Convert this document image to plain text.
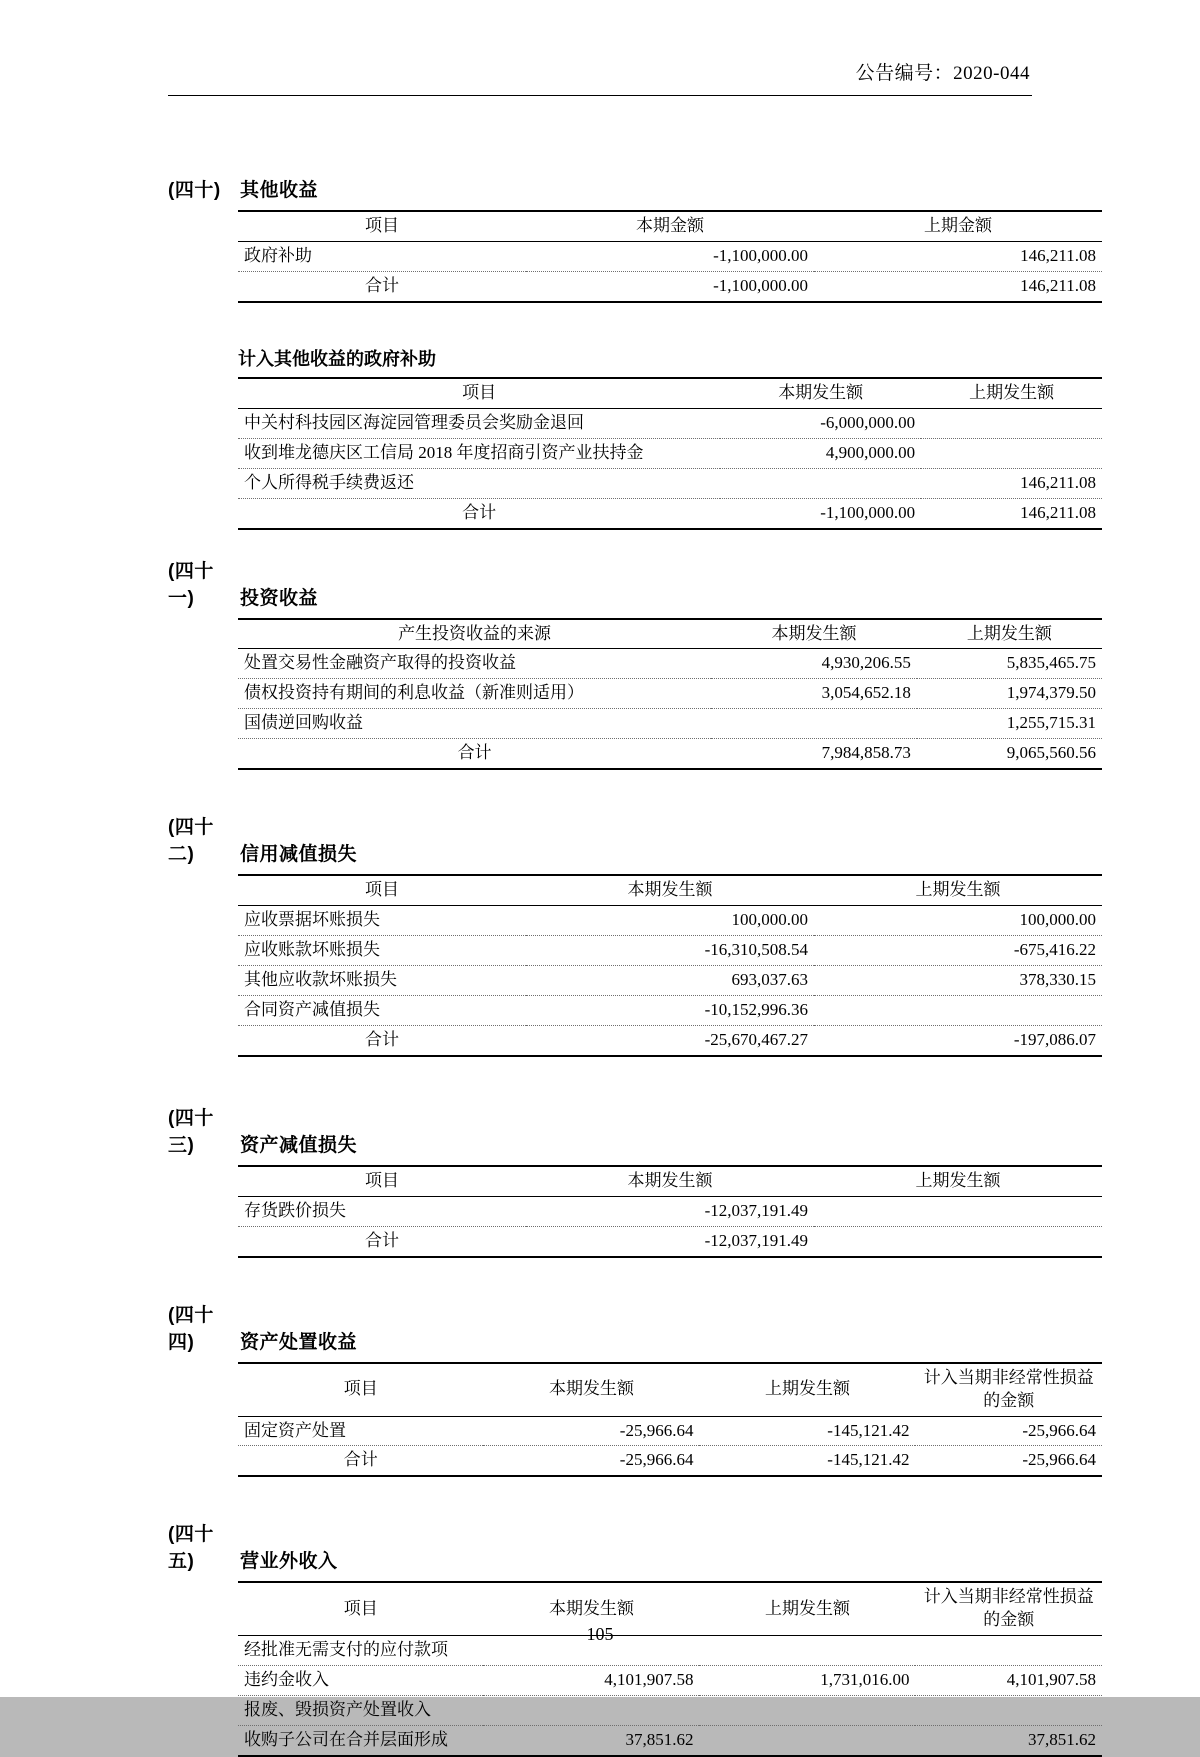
公告编号：2020-044
(四十) 其他收益
项目	本期金额	上期金额
政府补助	-1,100,000.00	146,211.08
合计	-1,100,000.00	146,211.08
计入其他收益的政府补助
项目	本期发生额	上期发生额
中关村科技园区海淀园管理委员会奖励金退回	-6,000,000.00	
收到堆龙德庆区工信局 2018 年度招商引资产业扶持金	4,900,000.00	
个人所得税手续费返还		146,211.08
合计	-1,100,000.00	146,211.08
(四十一) 投资收益
产生投资收益的来源	本期发生额	上期发生额
处置交易性金融资产取得的投资收益	4,930,206.55	5,835,465.75
债权投资持有期间的利息收益（新准则适用）	3,054,652.18	1,974,379.50
国债逆回购收益		1,255,715.31
合计	7,984,858.73	9,065,560.56
(四十二) 信用减值损失
项目	本期发生额	上期发生额
应收票据坏账损失	100,000.00	100,000.00
应收账款坏账损失	-16,310,508.54	-675,416.22
其他应收款坏账损失	693,037.63	378,330.15
合同资产减值损失	-10,152,996.36	
合计	-25,670,467.27	-197,086.07
(四十三) 资产减值损失
项目	本期发生额	上期发生额
存货跌价损失	-12,037,191.49	
合计	-12,037,191.49	
(四十四) 资产处置收益
项目	本期发生额	上期发生额	计入当期非经常性损益的金额
固定资产处置	-25,966.64	-145,121.42	-25,966.64
合计	-25,966.64	-145,121.42	-25,966.64
(四十五) 营业外收入
项目	本期发生额	上期发生额	计入当期非经常性损益的金额
经批准无需支付的应付款项			
违约金收入	4,101,907.58	1,731,016.00	4,101,907.58
报废、毁损资产处置收入			
收购子公司在合并层面形成	37,851.62		37,851.62
105
